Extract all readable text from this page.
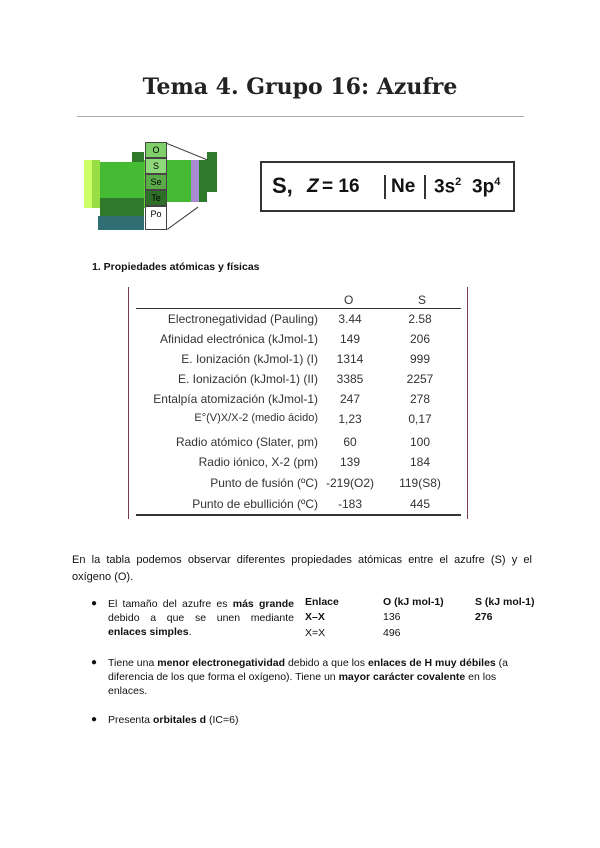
Tema 4. Grupo 16: Azufre
O
S
Se
Te
Po
S, Z = 16 Ne $3s^2$ $3p^4$
1. Propiedades atómicas y físicas
O	S
Electronegatividad (Pauling)	3.44	2.58
Afinidad electrónica (kJmol-1)	149	206
E. Ionización (kJmol-1) (I)	1314	999
E. Ionización (kJmol-1) (II)	3385	2257
Entalpía atomización (kJmol-1)	247	278
E°(V)X/X-2 (medio ácido)	1,23	0,17
Radio atómico (Slater, pm)	60	100
Radio iónico, X-2 (pm)	139	184
Punto de fusión (ºC) -219(O2) 119(S8)
Punto de ebullición (ºC)	-183	445
En la tabla podemos observar diferentes propiedades atómicas entre el azufre (S) y el oxígeno (O).
● El tamaño del azufre es más grande debido a que se unen mediante enlaces simples.
Enlace	O (kJ mol-1)	S (kJ mol-1)
X–X	136	276
X=X	496
● Tiene una menor electronegatividad debido a que los enlaces de H muy débiles (a diferencia de los que forma el oxígeno). Tiene un mayor carácter covalente en los enlaces.
● Presenta orbitales d (IC=6)
